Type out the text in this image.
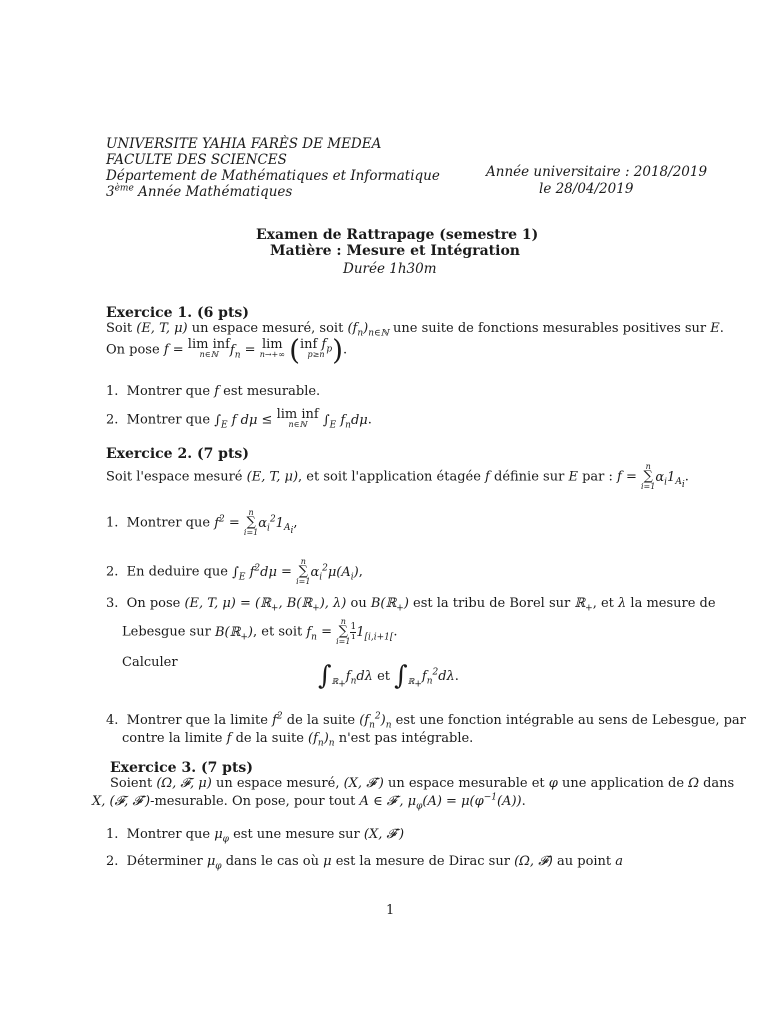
UNIVERSITE YAHIA FARÈS DE MEDEA
FACULTE DES SCIENCES
Département de Mathématiques et Informatique
3ème Année Mathématiques
Année universitaire : 2018/2019
le 28/04/2019
Examen de Rattrapage (semestre 1)
Matière : Mesure et Intégration
Durée 1h30m
Exercice 1. (6 pts)
Soit (E, T, μ) un espace mesuré, soit $(f_n)_{n\in ℕ}$ une suite de fonctions mesurables positives sur E.
On pose f = lim inf
n∈ℕ $f_n = \lim$
n→+∞ ( inf $f_p$
p≥n ).
1. Montrer que f est mesurable.
2. Montrer que $\int_E$ f dμ ≤ lim inf
n∈ℕ	$\int_E$ $f_nd\mu$.
Exercice 2. (7 pts)
Soit l'espace mesuré (E, T, μ), et soit l'application étagée f définie sur E par : f =
n
∑
i=1
$\alpha_i1_{A_i}$.
1. Montrer que $f^2$ =
n
∑
i=1
$\alpha_i^21_{A_i}$,
2. En deduire que $\int_E$ $f^2d\mu$ =
n
∑
i=1
$\alpha_i^2\mu(A_i)$,
3. On pose (E, T, μ) = (ℝ$_+$, B(ℝ$_+$), λ) ou B(ℝ$_+$) est la tribu de Borel sur ℝ$_+$, et λ la mesure de
Lebesgue sur B(ℝ$_+$), et soit $f_n$ =
n
∑
$i=1 \frac{1}{i} 1_{[i,i+1[}$.
Calculer	$\int_{ℝ_+}f_nd\lambda$ et $\int_{ℝ_+}f_n^2d\lambda$.
4. Montrer que la limite $f^2$ de la suite $(f_n^2)_n$ est une fonction intégrable au sens de Lebesgue, par
contre la limite f de la suite $(f_n)_n$ n'est pas intégrable.
Exercice 3. (7 pts)
Soient (Ω, 𝓕, μ) un espace mesuré, (X, 𝓕′) un espace mesurable et φ une application de Ω dans
X, (𝓕, 𝓕′)-mesurable. On pose, pour tout A ∈ 𝓕′, $\mu_\varphi(A) = \mu(\varphi^{-1}(A))$.
1. Montrer que $\mu_\varphi$ est une mesure sur (X, 𝓕′)
2. Déterminer $\mu_\varphi$ dans le cas où μ est la mesure de Dirac sur (Ω, 𝓕) au point a
1
